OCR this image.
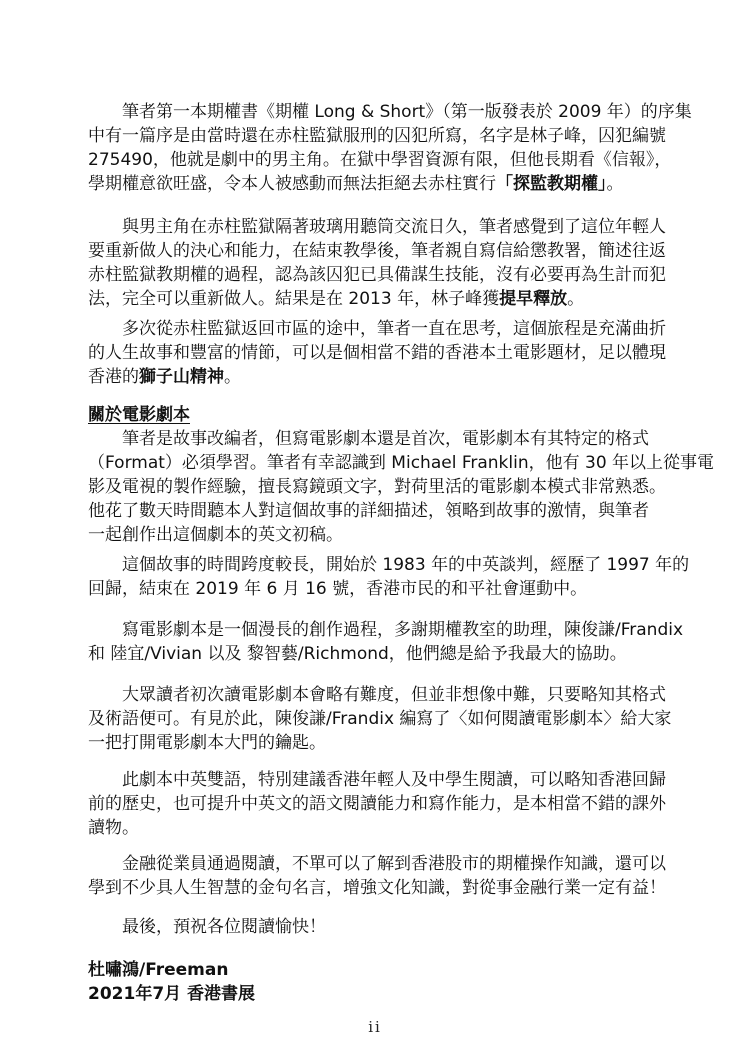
　　筆者第一本期權書《期權 Long & Short》（第一版發表於 2009 年）的序集
中有一篇序是由當時還在赤柱監獄服刑的囚犯所寫，名字是林子峰，囚犯編號
275490，他就是劇中的男主角。在獄中學習資源有限，但他長期看《信報》，
學期權意欲旺盛，令本人被感動而無法拒絕去赤柱實行「探監教期權」。
　　與男主角在赤柱監獄隔著玻璃用聽筒交流日久，筆者感覺到了這位年輕人
要重新做人的決心和能力，在結束教學後，筆者親自寫信給懲教署，簡述往返
赤柱監獄教期權的過程，認為該囚犯已具備謀生技能，沒有必要再為生計而犯
法，完全可以重新做人。結果是在 2013 年，林子峰獲提早釋放。
　　多次從赤柱監獄返回市區的途中，筆者一直在思考，這個旅程是充滿曲折
的人生故事和豐富的情節，可以是個相當不錯的香港本土電影題材，足以體現
香港的獅子山精神。
關於電影劇本
　　筆者是故事改編者，但寫電影劇本還是首次，電影劇本有其特定的格式
（Format）必須學習。筆者有幸認識到 Michael Franklin，他有 30 年以上從事電
影及電視的製作經驗，擅長寫鏡頭文字，對荷里活的電影劇本模式非常熟悉。
他花了數天時間聽本人對這個故事的詳細描述，領略到故事的激情，與筆者
一起創作出這個劇本的英文初稿。
　　這個故事的時間跨度較長，開始於 1983 年的中英談判，經歷了 1997 年的
回歸，結束在 2019 年 6 月 16 號，香港市民的和平社會運動中。
　　寫電影劇本是一個漫長的創作過程，多謝期權教室的助理，陳俊謙/Frandix
和 陸宜/Vivian 以及 黎智藝/Richmond，他們總是給予我最大的協助。
　　大眾讀者初次讀電影劇本會略有難度，但並非想像中難，只要略知其格式
及術語便可。有見於此，陳俊謙/Frandix 編寫了〈如何閱讀電影劇本〉給大家
一把打開電影劇本大門的鑰匙。
　　此劇本中英雙語，特別建議香港年輕人及中學生閱讀，可以略知香港回歸
前的歷史，也可提升中英文的語文閱讀能力和寫作能力，是本相當不錯的課外
讀物。
　　金融從業員通過閱讀，不單可以了解到香港股市的期權操作知識，還可以
學到不少具人生智慧的金句名言，增強文化知識，對從事金融行業一定有益！
　　最後，預祝各位閱讀愉快！
杜嘯鴻/Freeman
2021年7月 香港書展
ii
